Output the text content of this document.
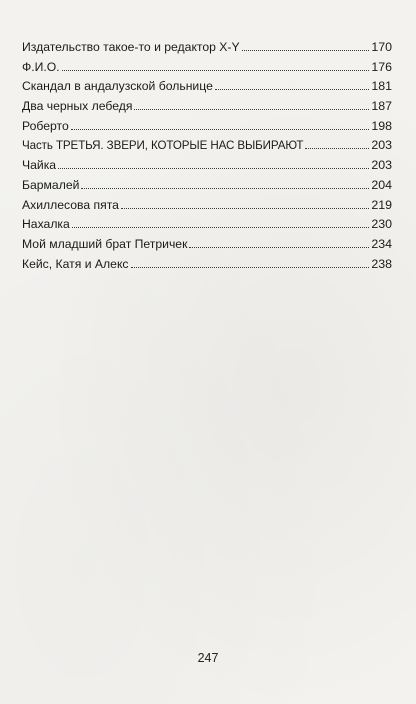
Издательство такое-то и редактор X-Y	170
Ф.И.О.	176
Скандал в андалузской больнице	181
Два черных лебедя	187
Роберто	198
Часть ТРЕТЬЯ. ЗВЕРИ, КОТОРЫЕ НАС ВЫБИРАЮТ	203
Чайка	203
Бармалей	204
Ахиллесова пята	219
Нахалка	230
Мой младший брат Петричек	234
Кейс, Катя и Алекс	238
247
